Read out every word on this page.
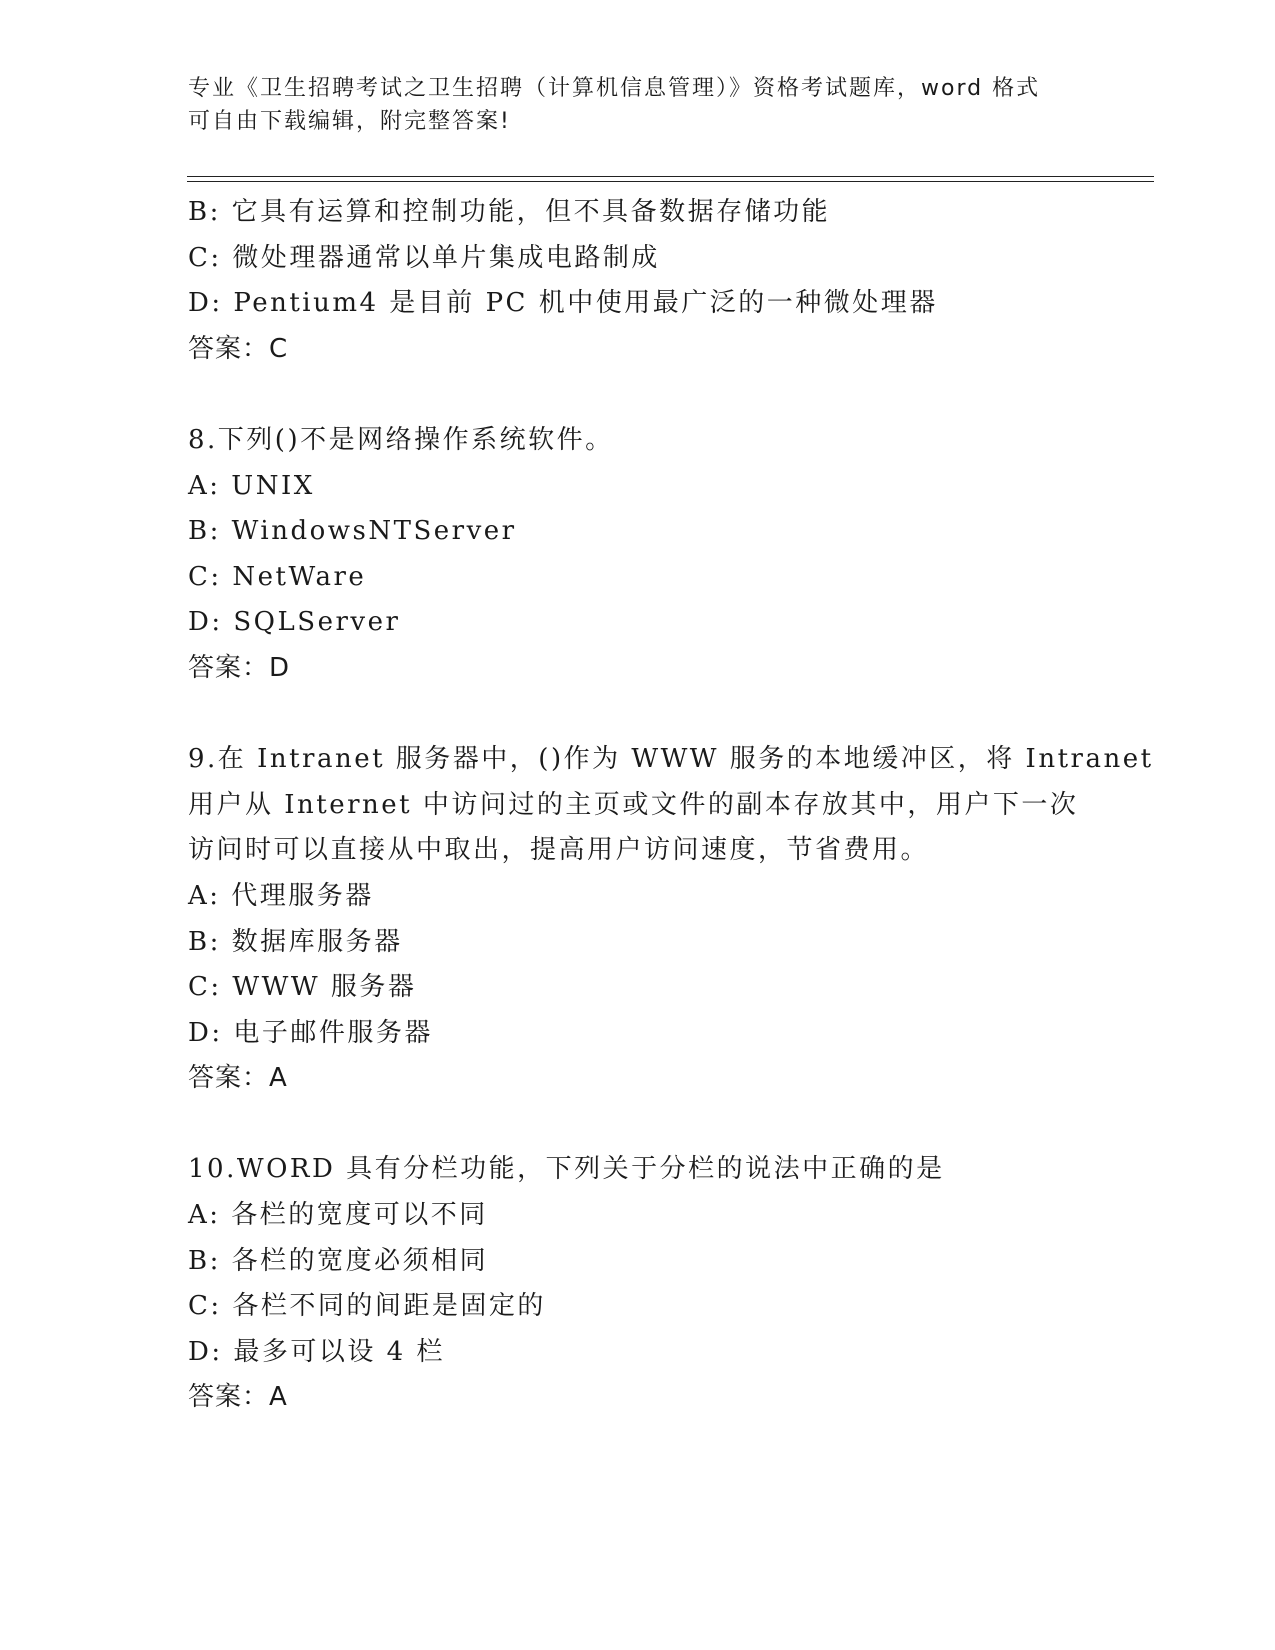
专业《卫生招聘考试之卫生招聘（计算机信息管理）》资格考试题库，word 格式
可自由下载编辑，附完整答案!
B: 它具有运算和控制功能，但不具备数据存储功能
C: 微处理器通常以单片集成电路制成
D: Pentium4 是目前 PC 机中使用最广泛的一种微处理器
答案：C
8.下列()不是网络操作系统软件。
A: UNIX
B: WindowsNTServer
C: NetWare
D: SQLServer
答案：D
9.在 Intranet 服务器中，()作为 WWW 服务的本地缓冲区，将 Intranet
用户从 Internet 中访问过的主页或文件的副本存放其中，用户下一次
访问时可以直接从中取出，提高用户访问速度，节省费用。
A: 代理服务器
B: 数据库服务器
C: WWW 服务器
D: 电子邮件服务器
答案：A
10.WORD 具有分栏功能，下列关于分栏的说法中正确的是
A: 各栏的宽度可以不同
B: 各栏的宽度必须相同
C: 各栏不同的间距是固定的
D: 最多可以设 4 栏
答案：A
